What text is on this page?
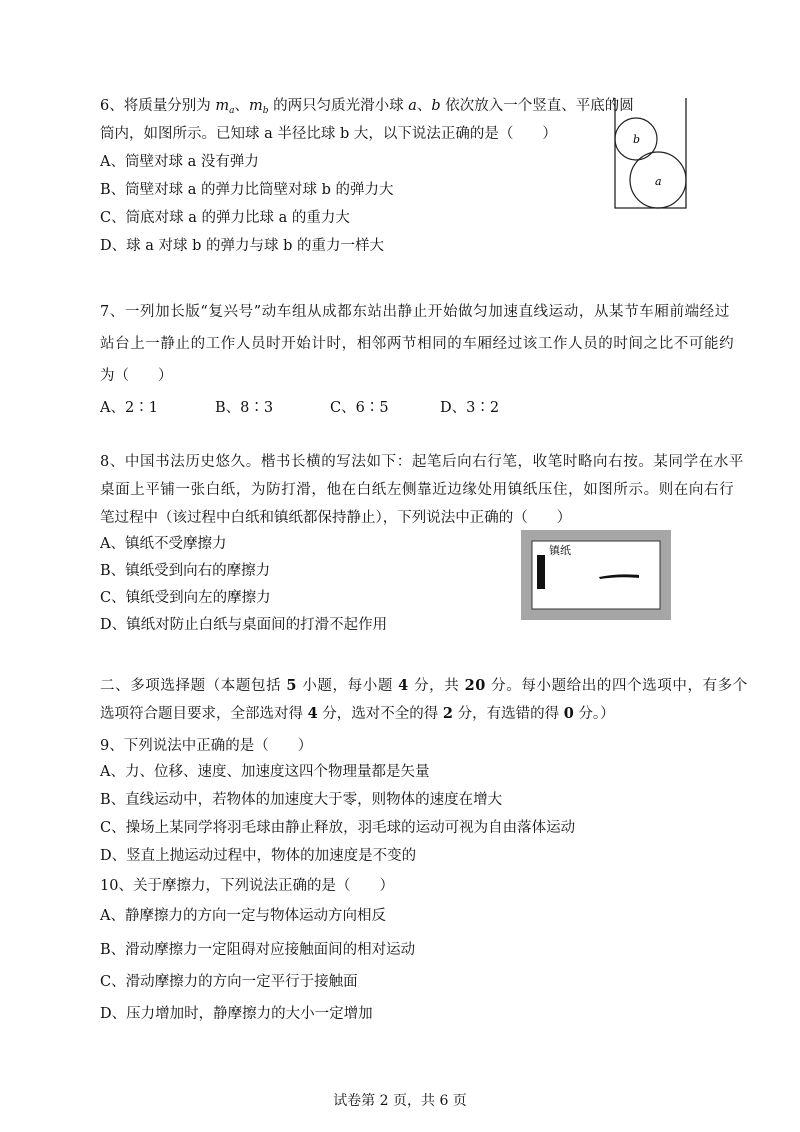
6、将质量分别为 $m_a$、$m_b$ 的两只匀质光滑小球 a、b 依次放入一个竖直、平底的圆
筒内，如图所示。已知球 a 半径比球 b 大，以下说法正确的是（　　）
A、筒壁对球 a 没有弹力
B、筒壁对球 a 的弹力比筒壁对球 b 的弹力大
C、筒底对球 a 的弹力比球 a 的重力大
D、球 a 对球 b 的弹力与球 b 的重力一样大
b
a
7、一列加长版“复兴号”动车组从成都东站出静止开始做匀加速直线运动，从某节车厢前端经过
站台上一静止的工作人员时开始计时，相邻两节相同的车厢经过该工作人员的时间之比不可能约
为（　　）
A、2∶1	B、8∶3	C、6∶5	D、3∶2
8、中国书法历史悠久。楷书长横的写法如下：起笔后向右行笔，收笔时略向右按。某同学在水平
桌面上平铺一张白纸，为防打滑，他在白纸左侧靠近边缘处用镇纸压住，如图所示。则在向右行
笔过程中（该过程中白纸和镇纸都保持静止），下列说法中正确的（　　）
A、镇纸不受摩擦力
B、镇纸受到向右的摩擦力
C、镇纸受到向左的摩擦力
D、镇纸对防止白纸与桌面间的打滑不起作用
镇纸
二、多项选择题（本题包括 5 小题，每小题 4 分，共 20 分。每小题给出的四个选项中，有多个
选项符合题目要求，全部选对得 4 分，选对不全的得 2 分，有选错的得 0 分。）
9、下列说法中正确的是（　　）
A、力、位移、速度、加速度这四个物理量都是矢量
B、直线运动中，若物体的加速度大于零，则物体的速度在增大
C、操场上某同学将羽毛球由静止释放，羽毛球的运动可视为自由落体运动
D、竖直上抛运动过程中，物体的加速度是不变的
10、关于摩擦力，下列说法正确的是（　　）
A、静摩擦力的方向一定与物体运动方向相反
B、滑动摩擦力一定阻碍对应接触面间的相对运动
C、滑动摩擦力的方向一定平行于接触面
D、压力增加时，静摩擦力的大小一定增加
试卷第 2 页，共 6 页
